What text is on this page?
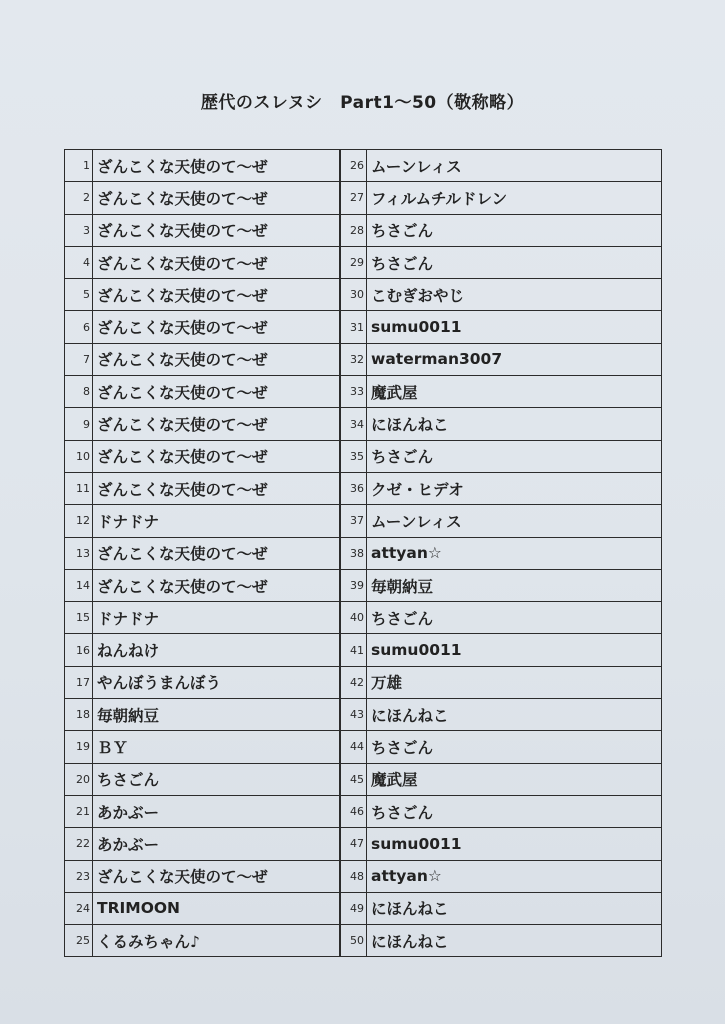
歴代のスレヌシ　Part1～50（敬称略）
1	ざんこくな天使のて～ぜ	26	ムーンレィス
2	ざんこくな天使のて～ぜ	27	フィルムチルドレン
3	ざんこくな天使のて～ぜ	28	ちさごん
4	ざんこくな天使のて～ぜ	29	ちさごん
5	ざんこくな天使のて～ぜ	30	こむぎおやじ
6	ざんこくな天使のて～ぜ	31	sumu0011
7	ざんこくな天使のて～ぜ	32	waterman3007
8	ざんこくな天使のて～ぜ	33	魔武屋
9	ざんこくな天使のて～ぜ	34	にほんねこ
10	ざんこくな天使のて～ぜ	35	ちさごん
11	ざんこくな天使のて～ぜ	36	クゼ・ヒデオ
12	ドナドナ	37	ムーンレィス
13	ざんこくな天使のて～ぜ	38	attyan☆
14	ざんこくな天使のて～ぜ	39	毎朝納豆
15	ドナドナ	40	ちさごん
16	ねんねけ	41	sumu0011
17	やんぼうまんぼう	42	万雄
18	毎朝納豆	43	にほんねこ
19	ＢＹ	44	ちさごん
20	ちさごん	45	魔武屋
21	あかぶー	46	ちさごん
22	あかぶー	47	sumu0011
23	ざんこくな天使のて～ぜ	48	attyan☆
24	TRIMOON	49	にほんねこ
25	くるみちゃん♪	50	にほんねこ
